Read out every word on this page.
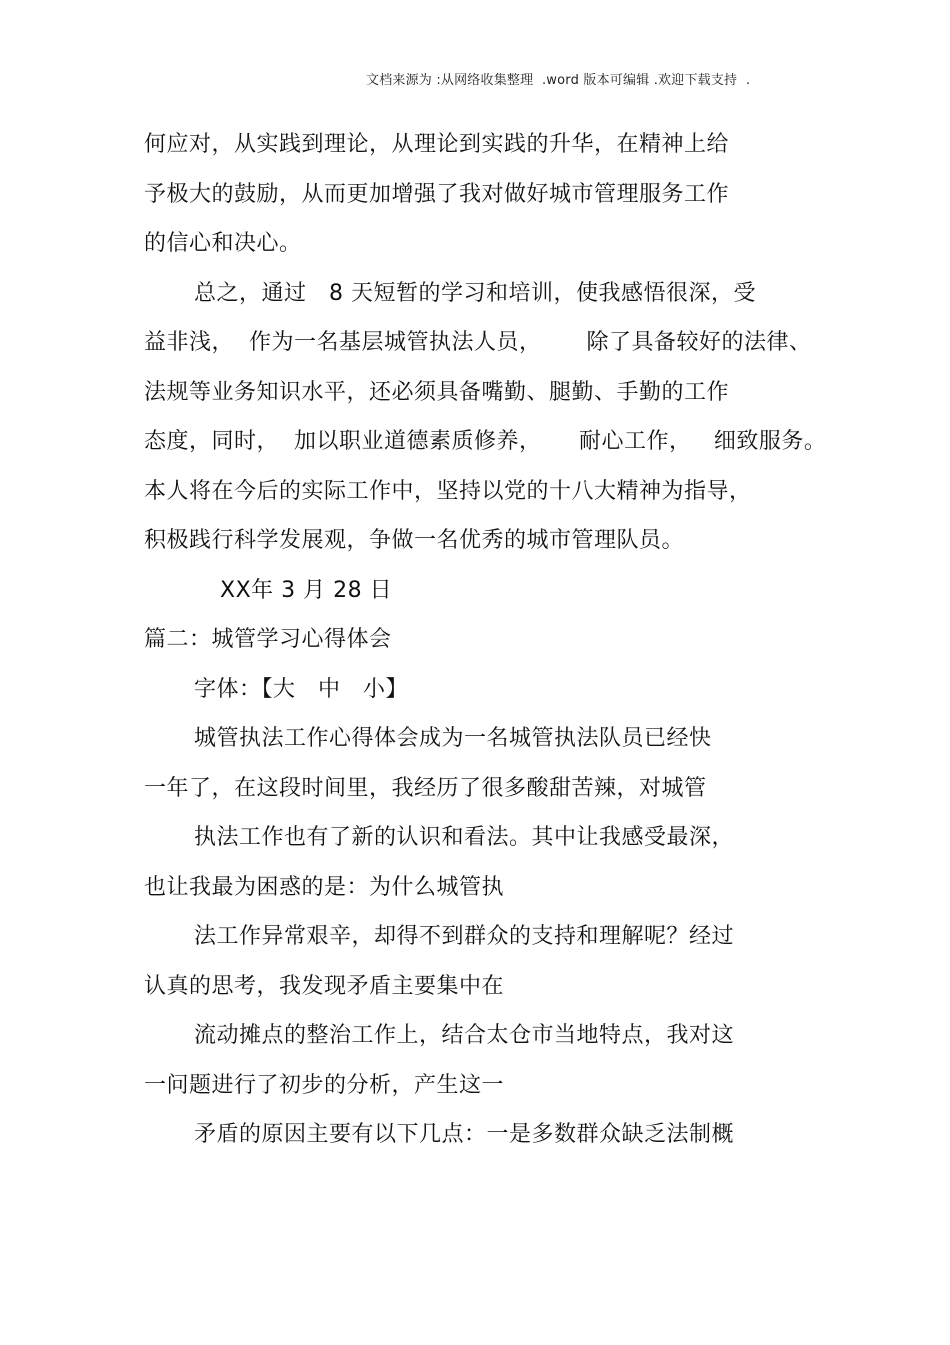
文档来源为 :从网络收集整理  .word 版本可编辑 .欢迎下载支持  .
何应对，从实践到理论，从理论到实践的升华，在精神上给
予极大的鼓励，从而更加增强了我对做好城市管理服务工作
的信心和决心。
总之，通过   8 天短暂的学习和培训，使我感悟很深，受
益非浅，  作为一名基层城管执法人员，      除了具备较好的法律、
法规等业务知识水平，还必须具备嘴勤、腿勤、手勤的工作
态度，同时，  加以职业道德素质修养，     耐心工作，   细致服务。
本人将在今后的实际工作中，坚持以党的十八大精神为指导，
积极践行科学发展观，争做一名优秀的城市管理队员。
XX年 3 月 28 日
篇二：城管学习心得体会
字体：【大   中   小】
城管执法工作心得体会成为一名城管执法队员已经快
一年了，在这段时间里，我经历了很多酸甜苦辣，对城管
执法工作也有了新的认识和看法。其中让我感受最深，
也让我最为困惑的是：为什么城管执
法工作异常艰辛，却得不到群众的支持和理解呢？经过
认真的思考，我发现矛盾主要集中在
流动摊点的整治工作上，结合太仓市当地特点，我对这
一问题进行了初步的分析，产生这一
矛盾的原因主要有以下几点：一是多数群众缺乏法制概
